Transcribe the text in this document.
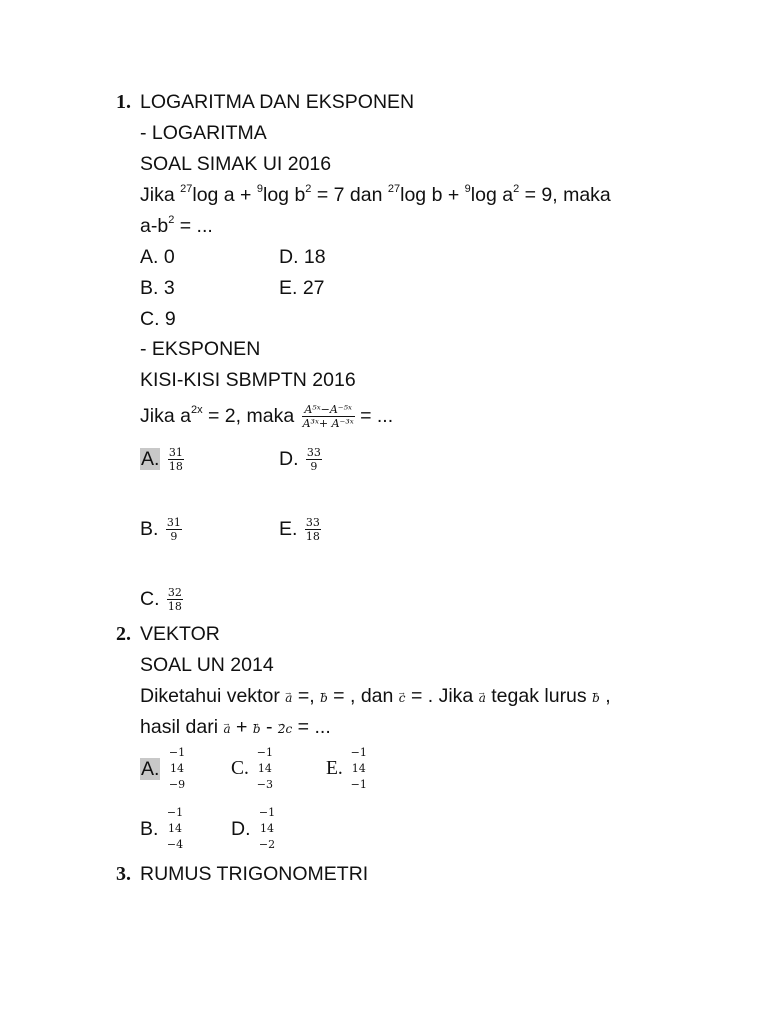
1. LOGARITMA DAN EKSPONEN
- LOGARITMA
SOAL SIMAK UI 2016
Jika $^{27}$log a + $^9$log $b^2 = 7$ dan $^{27}$log b + $^9$log $a^2 = 9$, maka
$a-b^2$ = ...
A. 0	D. 18
B. 3	E. 27
C. 9
- EKSPONEN
KISI-KISI SBMPTN 2016
Jika $a^{2x} = 2$, maka $\frac{\text{A⁵ˣ−A⁻⁵ˣ}}{\text{A³ˣ+ A⁻³ˣ}}$ = ...
A. $\frac{31}{18}$	D. $\frac{33}{9}$
B. $\frac{31}{9}$	E. $\frac{33}{18}$
C. $\frac{32}{18}$
2. VEKTOR
SOAL UN 2014
Diketahui vektor → a =, → b = , dan → c = . Jika → a tegak lurus → b ,
hasil dari → a + → b - → 2c = ...
A.
−1
14
−9
C.
−1
14
−3
E.
−1
14
−1
B.
−1
14
−4
D.
−1
14
−2
3. RUMUS TRIGONOMETRI
